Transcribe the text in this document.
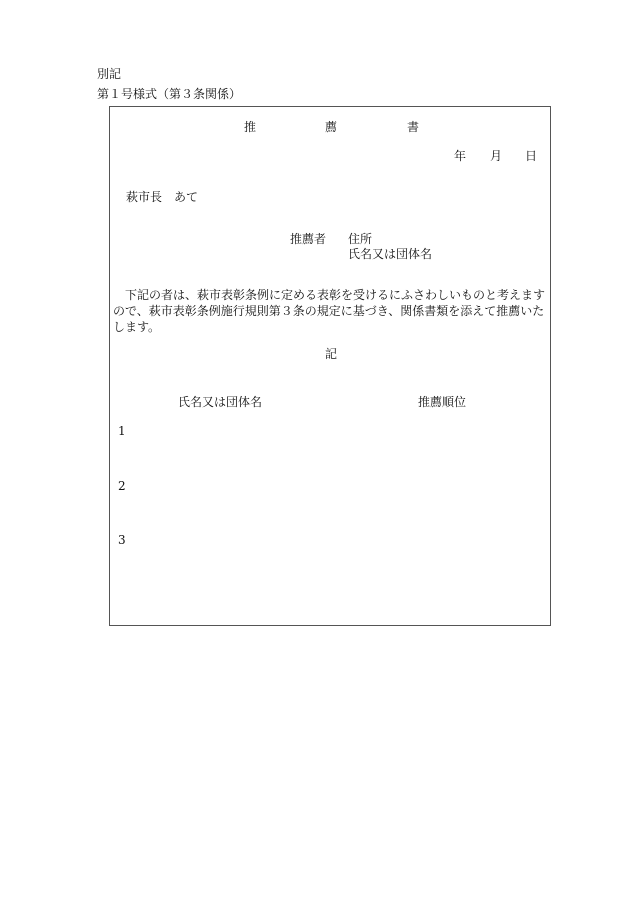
別記
第１号様式（第３条関係）
推	薦	書
年 月 日
萩市長　あて
推薦者 住所
氏名又は団体名
下記の者は、萩市表彰条例に定める表彰を受けるにふさわしいものと考えますので、萩市表彰条例施行規則第３条の規定に基づき、関係書類を添えて推薦いたします。
記
氏名又は団体名	推薦順位
1
2
3
